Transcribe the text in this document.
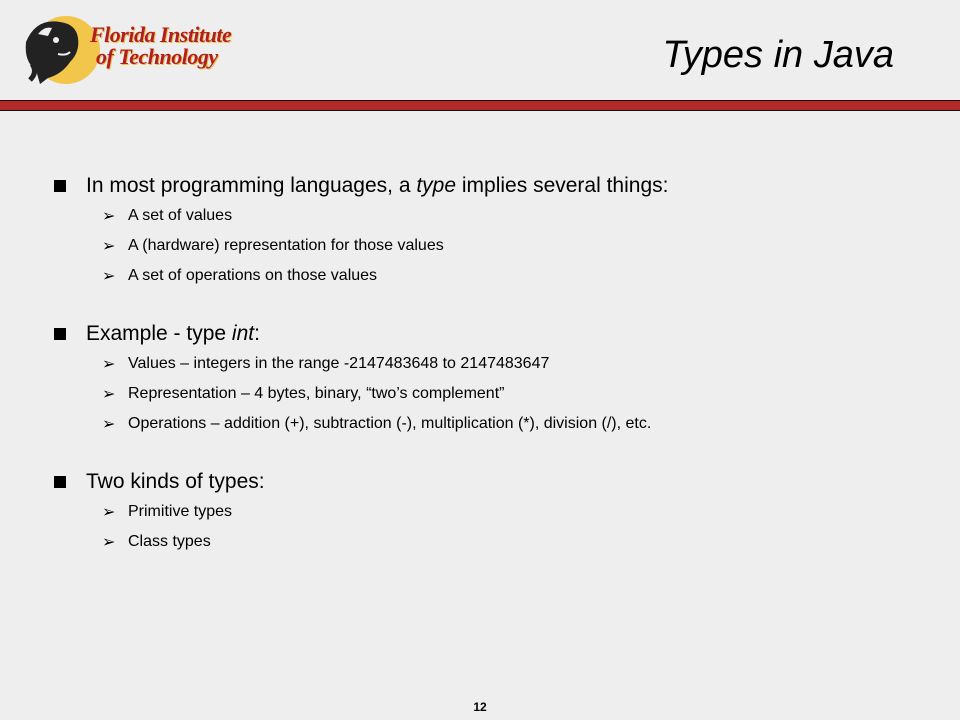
Florida Institute
of Technology	Types in Java
In most programming languages, a type implies several things:
➢ A set of values
➢ A (hardware) representation for those values
➢ A set of operations on those values
Example - type int:
➢ Values – integers in the range -2147483648 to 2147483647
➢ Representation – 4 bytes, binary, “two’s complement”
➢ Operations – addition (+), subtraction (-), multiplication (*), division (/), etc.
Two kinds of types:
➢ Primitive types
➢ Class types
12
